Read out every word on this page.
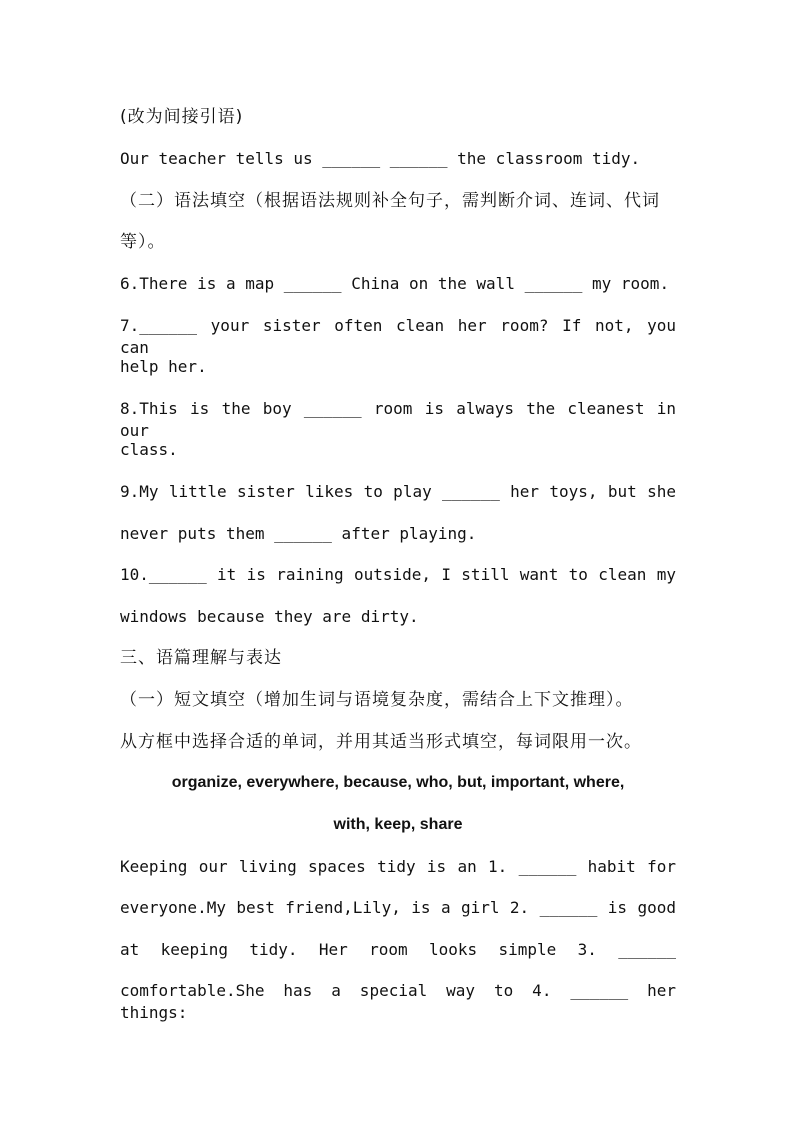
(改为间接引语)
Our teacher tells us ______ ______ the classroom tidy.
（二）语法填空（根据语法规则补全句子，需判断介词、连词、代词
等）。
6.There is a map ______ China on the wall ______ my room.
7.______ your sister often clean her room? If not, you can
help her.
8.This is the boy ______ room is always the cleanest in our
class.
9.My little sister likes to play ______ her toys, but she
never puts them ______ after playing.
10.______ it is raining outside, I still want to clean my
windows because they are dirty.
三、语篇理解与表达
（一）短文填空（增加生词与语境复杂度，需结合上下文推理）。
从方框中选择合适的单词，并用其适当形式填空，每词限用一次。
organize, everywhere, because, who, but, important, where,
with, keep, share
Keeping our living spaces tidy is an 1. ______ habit for
everyone.My best friend,Lily, is a girl 2. ______ is good
at keeping tidy. Her room looks simple 3. ______
comfortable.She has a special way to 4. ______ her things:
